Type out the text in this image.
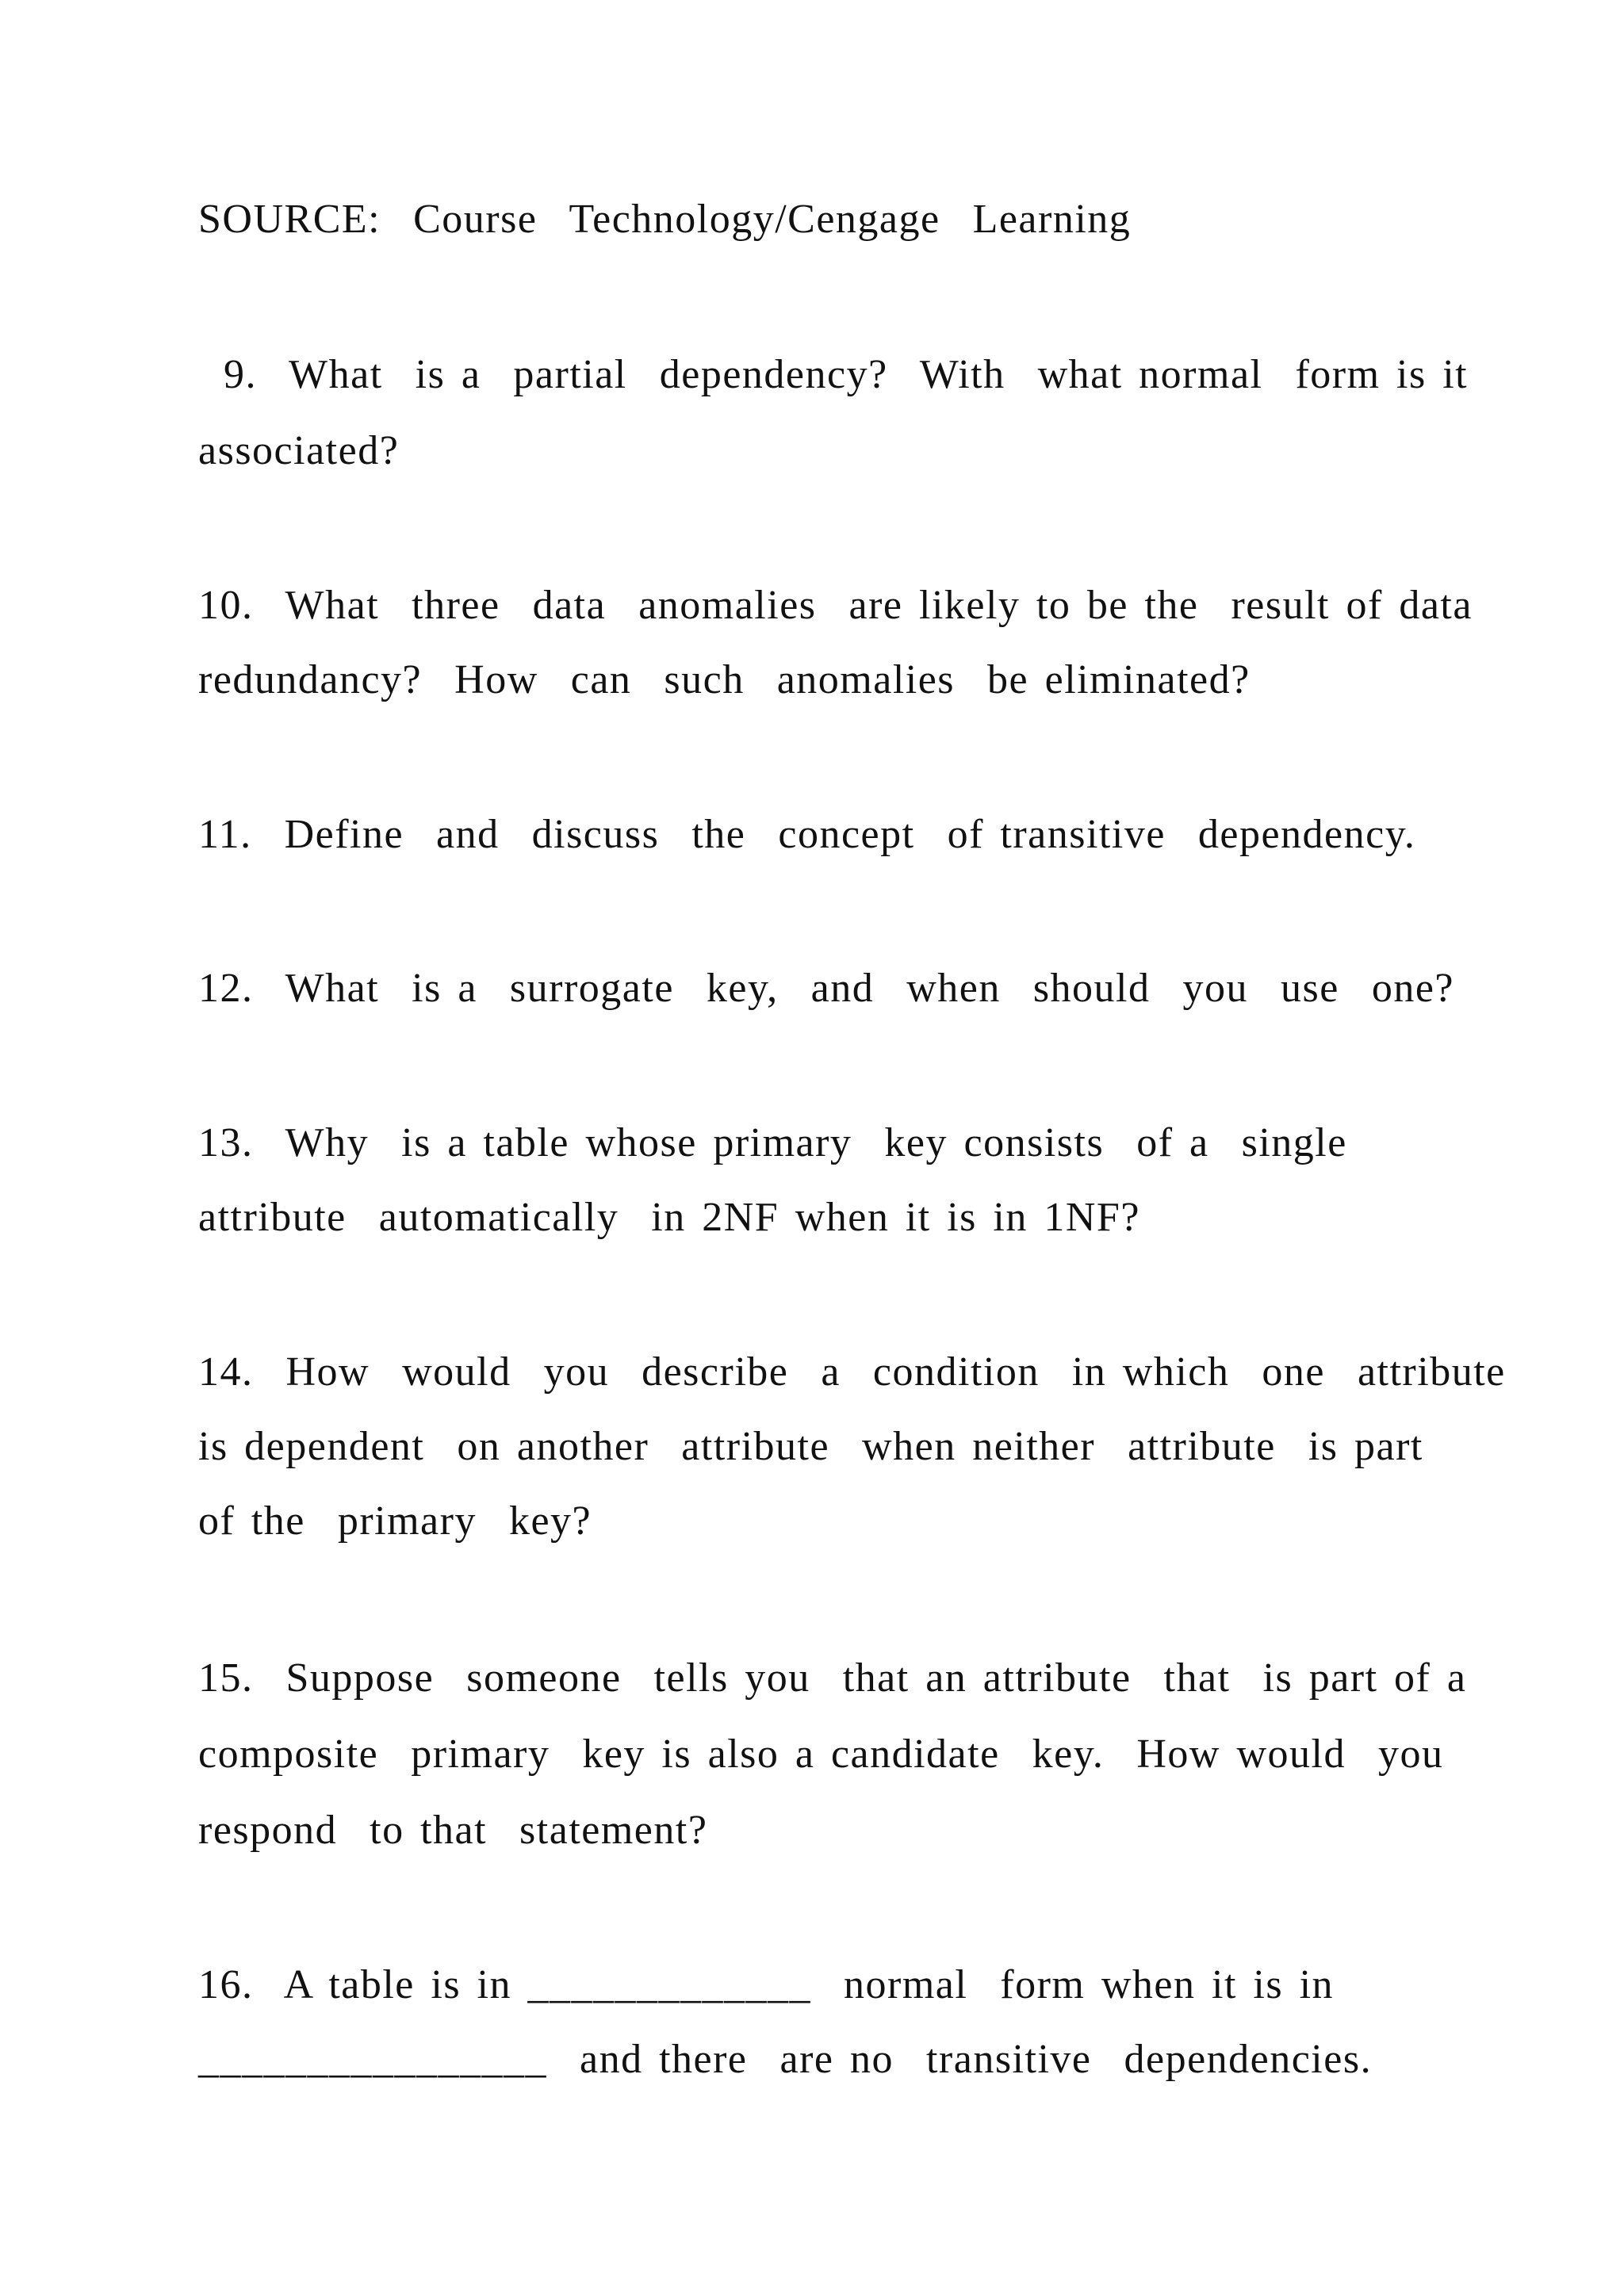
SOURCE:  Course  Technology/Cengage  Learning

9.  What  is a  partial  dependency?  With  what normal  form is it

associated?

10.  What  three  data  anomalies  are likely to be the  result of data

redundancy?  How  can  such  anomalies  be eliminated?

11.  Define  and  discuss  the  concept  of transitive  dependency.

12.  What  is a  surrogate  key,  and  when  should  you  use  one?

13.  Why  is a table whose primary  key consists  of a  single

attribute  automatically  in 2NF when it is in 1NF?

14.  How  would  you  describe  a  condition  in which  one  attribute

is dependent  on another  attribute  when neither  attribute  is part

of the  primary  key?

15.  Suppose  someone  tells you  that an attribute  that  is part of a

composite  primary  key is also a candidate  key.  How would  you

respond  to that  statement?

16.  A table is in _____________  normal  form when it is in

________________  and there  are no  transitive  dependencies.
